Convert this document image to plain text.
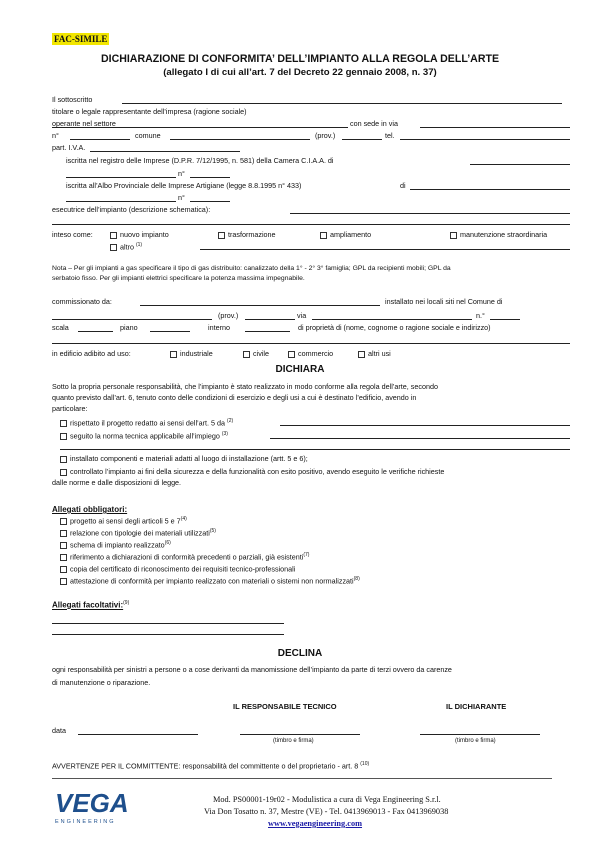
FAC-SIMILE
DICHIARAZIONE DI CONFORMITA’ DELL’IMPIANTO ALLA REGOLA DELL’ARTE
(allegato I di cui all’art. 7 del Decreto 22 gennaio 2008, n. 37)
Il sottoscritto
titolare o legale rappresentante dell’impresa (ragione sociale)
operante nel settore	con sede in via
n°	comune	(prov.)	tel.
part. I.V.A.
iscritta nel registro delle Imprese (D.P.R. 7/12/1995, n. 581) della Camera C.I.A.A. di
n°
iscritta all’Albo Provinciale delle Imprese Artigiane (legge 8.8.1995 n° 433)	di
n°
esecutrice dell’impianto (descrizione schematica):
inteso come:	nuovo impianto	trasformazione	ampliamento	manutenzione straordinaria
altro $^{(1)}$
Nota – Per gli impianti a gas specificare il tipo di gas distribuito: canalizzato della 1° - 2° 3° famiglia; GPL da recipienti mobili; GPL da
serbatoio fisso. Per gli impianti elettrici specificare la potenza massima impegnabile.
commissionato da:	installato nei locali siti nel Comune di
(prov.)	via	n.°
scala	piano	interno	di proprietà di (nome, cognome o ragione sociale e indirizzo)
in edificio adibito ad uso:	industriale	civile	commercio	altri usi
DICHIARA
Sotto la propria personale responsabilità, che l’impianto è stato realizzato in modo conforme alla regola dell’arte, secondo
quanto previsto dall’art. 6, tenuto conto delle condizioni di esercizio e degli usi a cui è destinato l’edificio, avendo in
particolare:
rispettato il progetto redatto ai sensi dell’art. 5 da $^{(2)}$
seguito la norma tecnica applicabile all’impiego $^{(3)}$
installato componenti e materiali adatti al luogo di installazione (artt. 5 e 6);
controllato l’impianto ai fini della sicurezza e della funzionalità con esito positivo, avendo eseguito le verifiche richieste
dalle norme e dalle disposizioni di legge.
Allegati obbligatori:
progetto ai sensi degli articoli 5 e 7$^{(4)}$
relazione con tipologie dei materiali utilizzati$^{(5)}$
schema di impianto realizzato$^{(6)}$
riferimento a dichiarazioni di conformità precedenti o parziali, già esistenti$^{(7)}$
copia del certificato di riconoscimento dei requisiti tecnico-professionali
attestazione di conformità per impianto realizzato con materiali o sistemi non normalizzati$^{(8)}$
Allegati facoltativi:$^{(9)}$
DECLINA
ogni responsabilità per sinistri a persone o a cose derivanti da manomissione dell’impianto da parte di terzi ovvero da carenze
di manutenzione o riparazione.
IL RESPONSABILE TECNICO	IL DICHIARANTE
data
(timbro e firma)	(timbro e firma)
AVVERTENZE PER IL COMMITTENTE: responsabilità del committente o del proprietario - art. 8 $^{(10)}$
VEGA
ENGINEERING
Mod. PS00001-19r02 - Modulistica a cura di Vega Engineering S.r.l.
Via Don Tosatto n. 37, Mestre (VE) - Tel. 0413969013 - Fax 0413969038
www.vegaengineering.com
